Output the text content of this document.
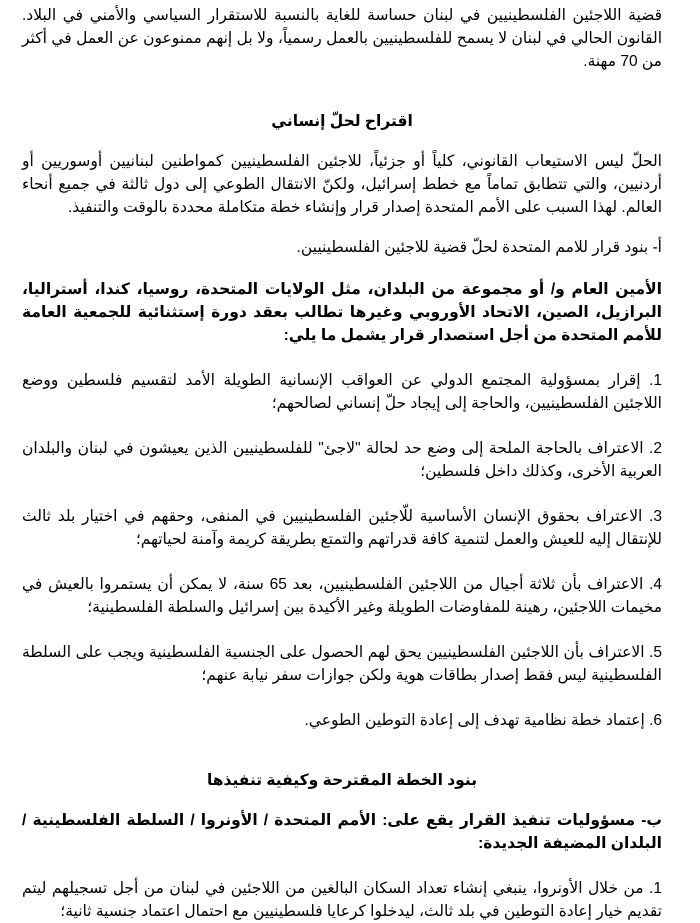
قضية اللاجئين الفلسطينيين في لبنان حساسة للغاية بالنسبة للاستقرار السياسي والأمني في البلاد. القانون الحالي في لبنان لا يسمح للفلسطينيين بالعمل رسمياً، ولا بل إنهم ممنوعون عن العمل في أكثر من 70 مهنة.

اقتراح لحلّ إنساني

الحلّ ليس الاستيعاب القانوني، كلياً أو جزئياً، للاجئين الفلسطينيين كمواطنين لبنانيين أوسوريين أو أردنيين، والتي تتطابق تماماً مع خطط إسرائيل، ولكنّ الانتقال الطوعي إلى دول ثالثة في جميع أنحاء العالم. لهذا السبب على الأمم المتحدة إصدار قرار وإنشاء خطة متكاملة محددة بالوقت والتنفيذ.

أ- بنود قرار للامم المتحدة لحلّ قضية للاجئين الفلسطينيين.

الأمين العام و/ أو مجموعة من البلدان، مثل الولايات المتحدة، روسيا، كندا، أستراليا، البرازيل، الصين، الاتحاد الأوروبي وغيرها تطالب بعقد دورة إستثنائية للجمعية العامة للأمم المتحدة من أجل استصدار قرار يشمل ما يلي:

1. إقرار بمسؤولية المجتمع الدولي عن العواقب الإنسانية الطويلة الأمد لتقسيم فلسطين ووضع اللاجئين الفلسطينيين، والحاجة إلى إيجاد حلّ إنساني لصالحهم؛

2. الاعتراف بالحاجة الملحة إلى وضع حد لحالة "لاجئ" للفلسطينيين الذين يعيشون في لبنان والبلدان العربية الأخرى، وكذلك داخل فلسطين؛

3. الاعتراف بحقوق الإنسان الأساسية للّاجئين الفلسطينيين في المنفى، وحقهم في اختيار بلد ثالث للإنتقال إليه للعيش والعمل لتنمية كافة قدراتهم والتمتع بطريقة كريمة وآمنة لحياتهم؛

4. الاعتراف بأن ثلاثة أجيال من اللاجئين الفلسطينيين، بعد 65 سنة، لا يمكن أن يستمروا بالعيش في مخيمات اللاجئين، رهينة للمفاوضات الطويلة وغير الأكيدة بين إسرائيل والسلطة الفلسطينية؛

5. الاعتراف بأن اللاجئين الفلسطينيين يحق لهم الحصول على الجنسية الفلسطينية ويجب على السلطة الفلسطينية ليس فقط إصدار بطاقات هوية ولكن جوازات سفر نيابة عنهم؛

6. إعتماد خطة نظامية تهدف إلى إعادة التوطين الطوعي.

بنود الخطة المقترحة وكيفية تنفيذها

ب- مسؤوليات تنفيذ القرار يقع على: الأمم المتحدة / الأونروا / السلطة الفلسطينية / البلدان المضيفة الجديدة:

1. من خلال الأونروا، ينبغي إنشاء تعداد السكان البالغين من اللاجئين في لبنان من أجل تسجيلهم ليتم تقديم خيار إعادة التوطين في بلد ثالث، ليدخلوا كرعايا فلسطينيين مع احتمال اعتماد جنسية ثانية؛
